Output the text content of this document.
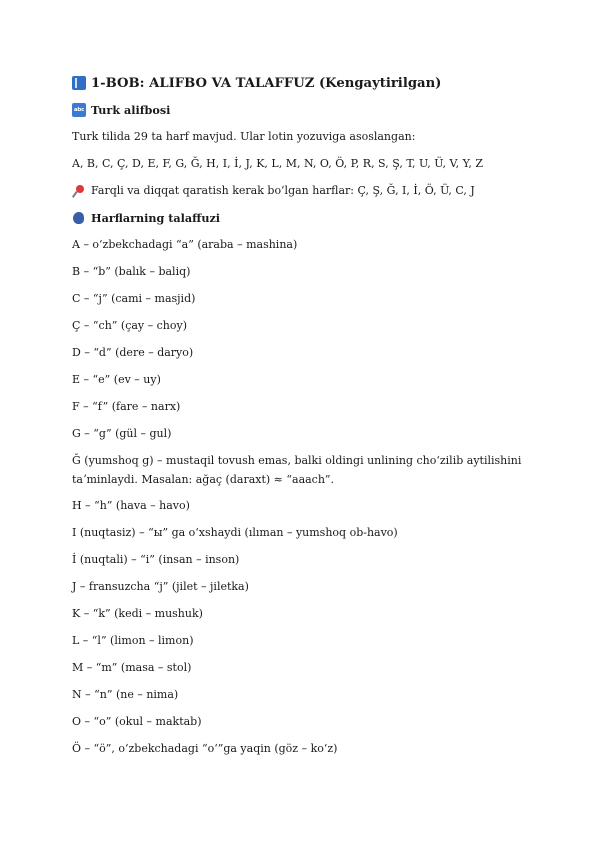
1-BOB: ALIFBO VA TALAFFUZ (Kengaytirilgan)
abc Turk alifbosi
Turk tilida 29 ta harf mavjud. Ular lotin yozuviga asoslangan:
A, B, C, Ç, D, E, F, G, Ğ, H, I, İ, J, K, L, M, N, O, Ö, P, R, S, Ş, T, U, Ü, V, Y, Z
Farqli va diqqat qaratish kerak boʻlgan harflar: Ç, Ş, Ğ, I, İ, Ö, Ü, C, J
Harflarning talaffuzi
A – oʻzbekchadagi “a” (araba – mashina)
B – “b” (balık – baliq)
C – “j” (cami – masjid)
Ç – “ch” (çay – choy)
D – “d” (dere – daryo)
E – “e” (ev – uy)
F – “f” (fare – narx)
G – “g” (gül – gul)
Ğ (yumshoq g) – mustaqil tovush emas, balki oldingi unlining choʻzilib aytilishini taʼminlaydi. Masalan: ağaç (daraxt) ≈ “aaach”.
H – “h” (hava – havo)
I (nuqtasiz) – “ы” ga oʻxshaydi (ılıman – yumshoq ob-havo)
İ (nuqtali) – “i” (insan – inson)
J – fransuzcha “j” (jilet – jiletka)
K – “k” (kedi – mushuk)
L – “l” (limon – limon)
M – “m” (masa – stol)
N – “n” (ne – nima)
O – “o” (okul – maktab)
Ö – “ö”, oʻzbekchadagi “oʻ”ga yaqin (göz – koʻz)
